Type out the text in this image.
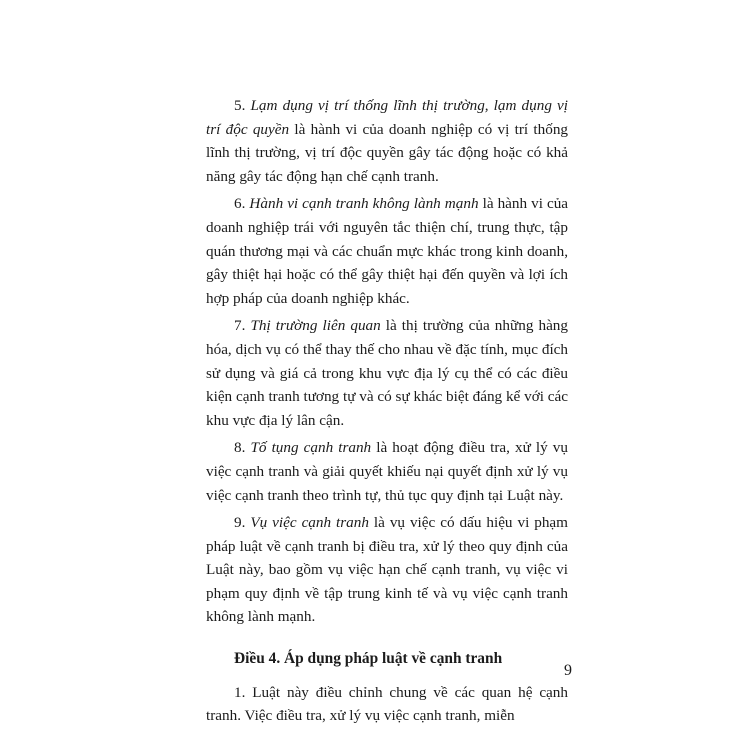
5. Lạm dụng vị trí thống lĩnh thị trường, lạm dụng vị trí độc quyền là hành vi của doanh nghiệp có vị trí thống lĩnh thị trường, vị trí độc quyền gây tác động hoặc có khả năng gây tác động hạn chế cạnh tranh.

6. Hành vi cạnh tranh không lành mạnh là hành vi của doanh nghiệp trái với nguyên tắc thiện chí, trung thực, tập quán thương mại và các chuẩn mực khác trong kinh doanh, gây thiệt hại hoặc có thể gây thiệt hại đến quyền và lợi ích hợp pháp của doanh nghiệp khác.

7. Thị trường liên quan là thị trường của những hàng hóa, dịch vụ có thể thay thế cho nhau về đặc tính, mục đích sử dụng và giá cả trong khu vực địa lý cụ thể có các điều kiện cạnh tranh tương tự và có sự khác biệt đáng kể với các khu vực địa lý lân cận.

8. Tố tụng cạnh tranh là hoạt động điều tra, xử lý vụ việc cạnh tranh và giải quyết khiếu nại quyết định xử lý vụ việc cạnh tranh theo trình tự, thủ tục quy định tại Luật này.

9. Vụ việc cạnh tranh là vụ việc có dấu hiệu vi phạm pháp luật về cạnh tranh bị điều tra, xử lý theo quy định của Luật này, bao gồm vụ việc hạn chế cạnh tranh, vụ việc vi phạm quy định về tập trung kinh tế và vụ việc cạnh tranh không lành mạnh.

Điều 4. Áp dụng pháp luật về cạnh tranh

1. Luật này điều chỉnh chung về các quan hệ cạnh tranh. Việc điều tra, xử lý vụ việc cạnh tranh, miễn

9
